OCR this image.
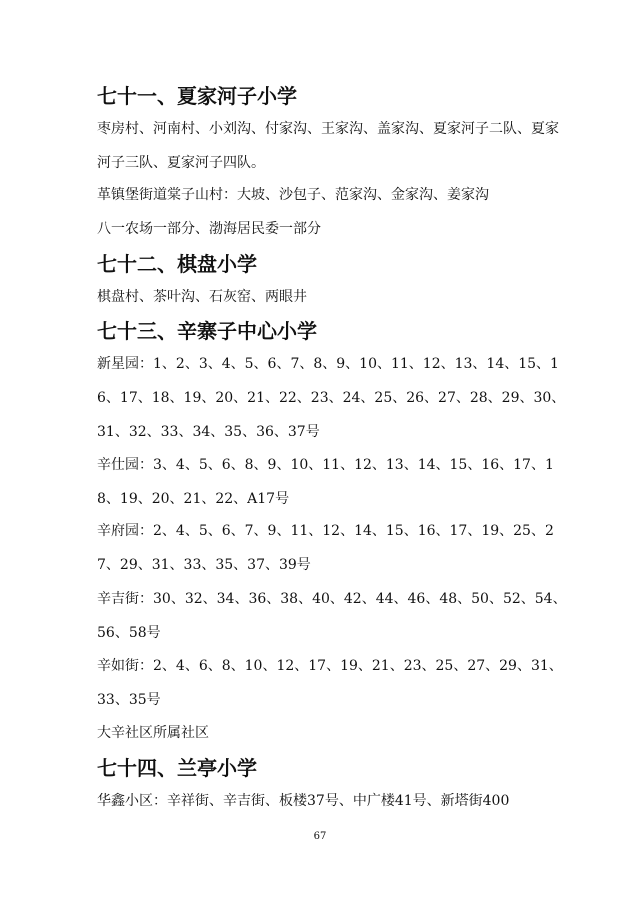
七十一、夏家河子小学
枣房村、河南村、小刘沟、付家沟、王家沟、盖家沟、夏家河子二队、夏家河子三队、夏家河子四队。
革镇堡街道棠子山村：大坡、沙包子、范家沟、金家沟、姜家沟
八一农场一部分、渤海居民委一部分
七十二、棋盘小学
棋盘村、茶叶沟、石灰窑、两眼井
七十三、辛寨子中心小学
新星园：1、2、3、4、5、6、7、8、9、10、11、12、13、14、15、16、17、18、19、20、21、22、23、24、25、26、27、28、29、30、31、32、33、34、35、36、37号
辛仕园：3、4、5、6、8、9、10、11、12、13、14、15、16、17、18、19、20、21、22、A17号
辛府园：2、4、5、6、7、9、11、12、14、15、16、17、19、25、27、29、31、33、35、37、39号
辛吉街：30、32、34、36、38、40、42、44、46、48、50、52、54、56、58号
辛如街：2、4、6、8、10、12、17、19、21、23、25、27、29、31、33、35号
大辛社区所属社区
七十四、兰亭小学
华鑫小区：辛祥街、辛吉街、板楼37号、中广楼41号、新塔街400
67
